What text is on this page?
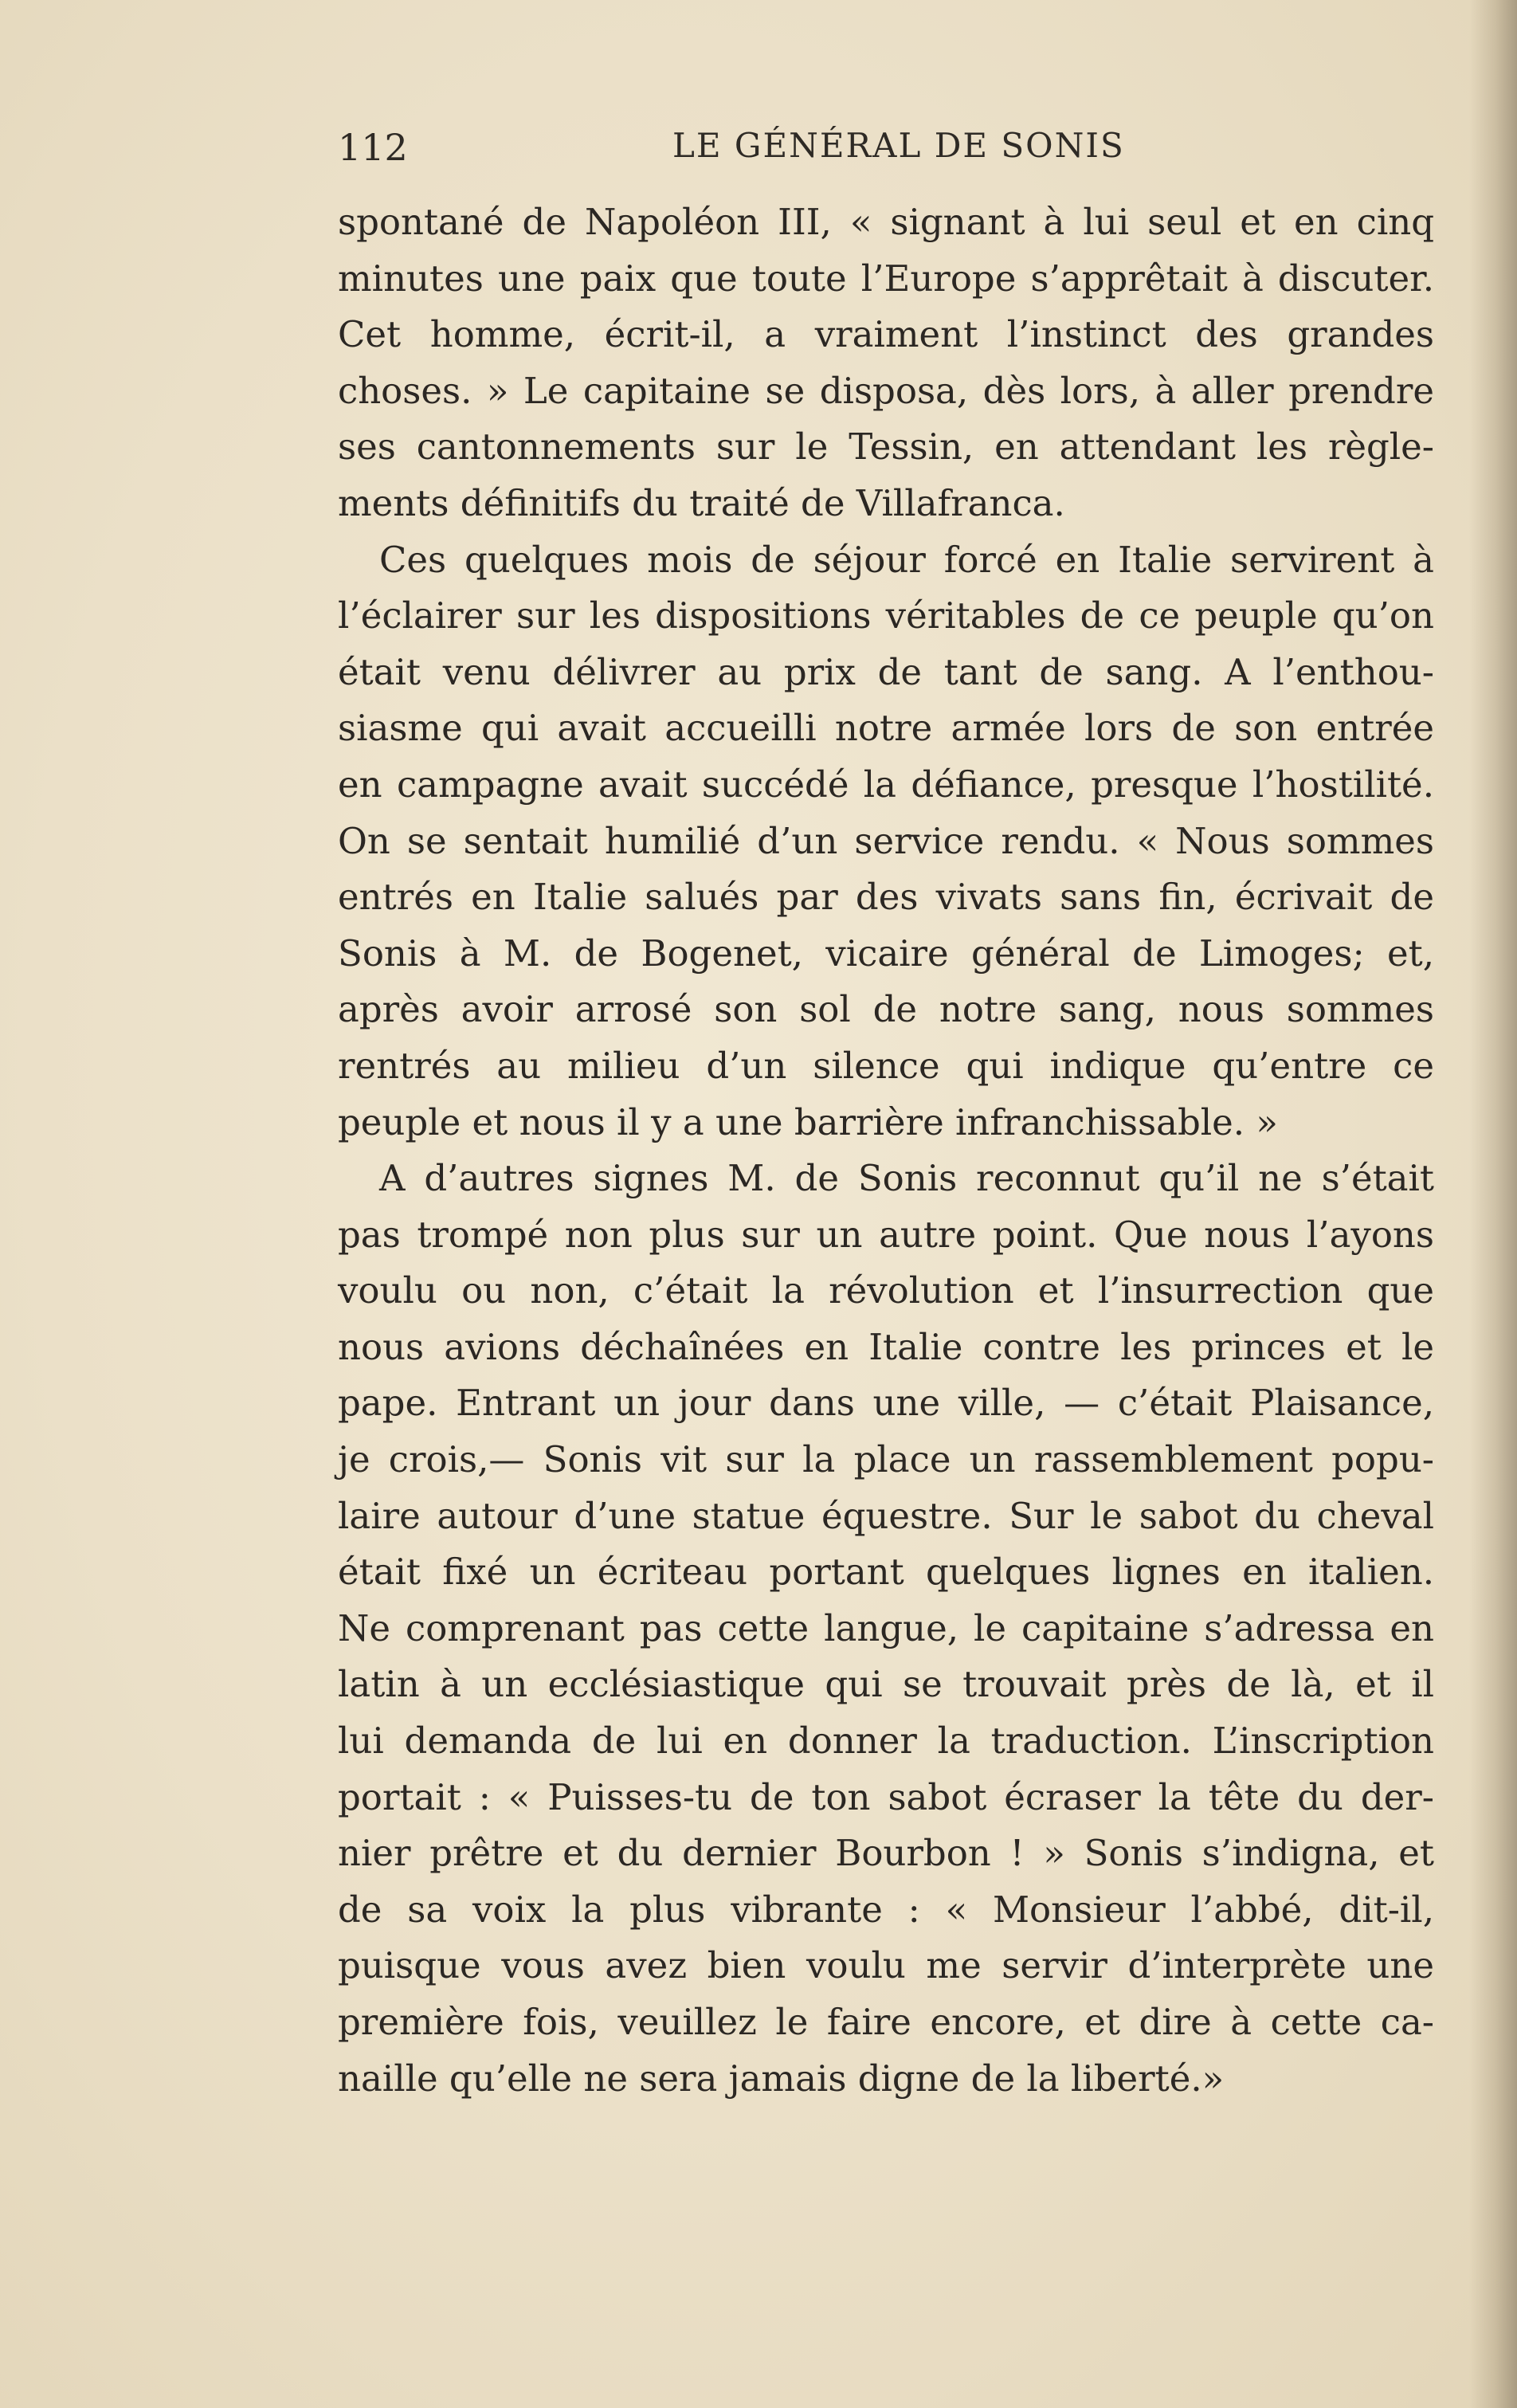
112	LE GÉNÉRAL DE SONIS
spontané de Napoléon III, « signant à lui seul et en cinq
minutes une paix que toute l’Europe s’apprêtait à discuter.
Cet homme, écrit-il, a vraiment l’instinct des grandes
choses. » Le capitaine se disposa, dès lors, à aller prendre
ses cantonnements sur le Tessin, en attendant les règle-
ments définitifs du traité de Villafranca.
Ces quelques mois de séjour forcé en Italie servirent à
l’éclairer sur les dispositions véritables de ce peuple qu’on
était venu délivrer au prix de tant de sang. A l’enthou-
siasme qui avait accueilli notre armée lors de son entrée
en campagne avait succédé la défiance, presque l’hostilité.
On se sentait humilié d’un service rendu. « Nous sommes
entrés en Italie salués par des vivats sans fin, écrivait de
Sonis à M. de Bogenet, vicaire général de Limoges; et,
après avoir arrosé son sol de notre sang, nous sommes
rentrés au milieu d’un silence qui indique qu’entre ce
peuple et nous il y a une barrière infranchissable. »
A d’autres signes M. de Sonis reconnut qu’il ne s’était
pas trompé non plus sur un autre point. Que nous l’ayons
voulu ou non, c’était la révolution et l’insurrection que
nous avions déchaînées en Italie contre les princes et le
pape. Entrant un jour dans une ville, — c’était Plaisance,
je crois,— Sonis vit sur la place un rassemblement popu-
laire autour d’une statue équestre. Sur le sabot du cheval
était fixé un écriteau portant quelques lignes en italien.
Ne comprenant pas cette langue, le capitaine s’adressa en
latin à un ecclésiastique qui se trouvait près de là, et il
lui demanda de lui en donner la traduction. L’inscription
portait : « Puisses-tu de ton sabot écraser la tête du der-
nier prêtre et du dernier Bourbon ! » Sonis s’indigna, et
de sa voix la plus vibrante : « Monsieur l’abbé, dit-il,
puisque vous avez bien voulu me servir d’interprète une
première fois, veuillez le faire encore, et dire à cette ca-
naille qu’elle ne sera jamais digne de la liberté.»
